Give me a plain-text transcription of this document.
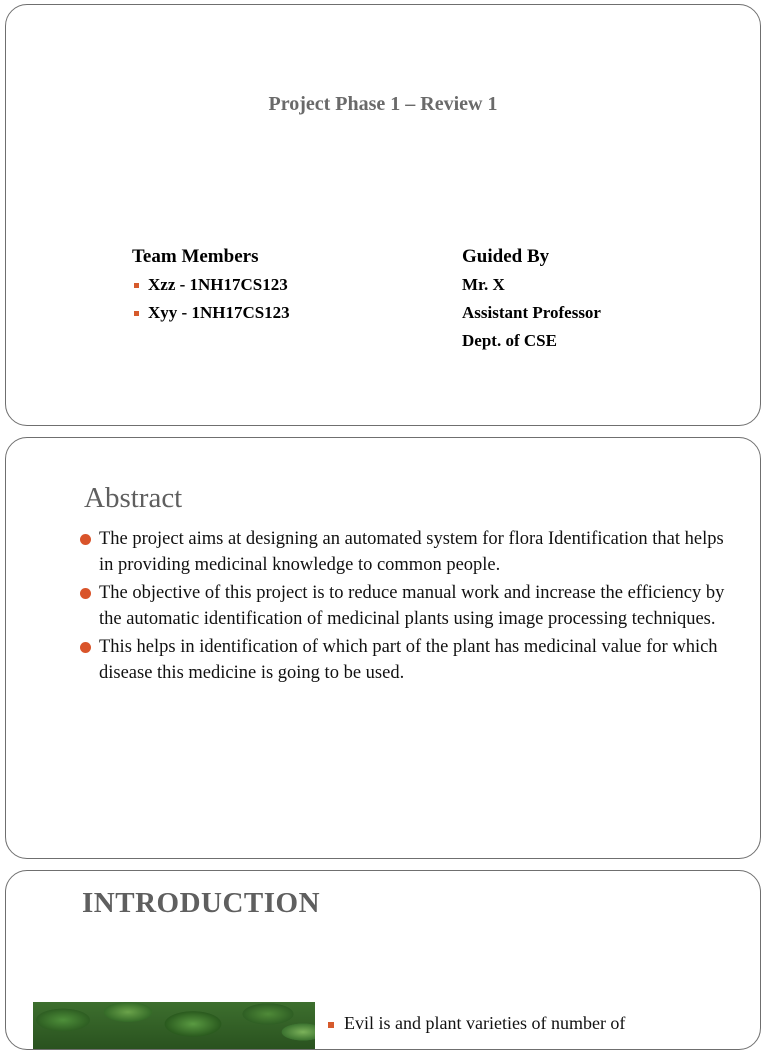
Project Phase 1 – Review 1
Team Members
Xzz - 1NH17CS123
Xyy - 1NH17CS123
Guided By
Mr. X
Assistant Professor
Dept. of CSE
Abstract
The project aims at designing an automated system for flora Identification that helps in providing medicinal knowledge to common people.
The objective of this project is to reduce manual work and increase the efficiency by the automatic identification of medicinal plants using image processing techniques.
This helps in identification of which part of the plant has medicinal value for which disease this medicine is going to be used.
INTRODUCTION
Evil is and plant varieties of number of
